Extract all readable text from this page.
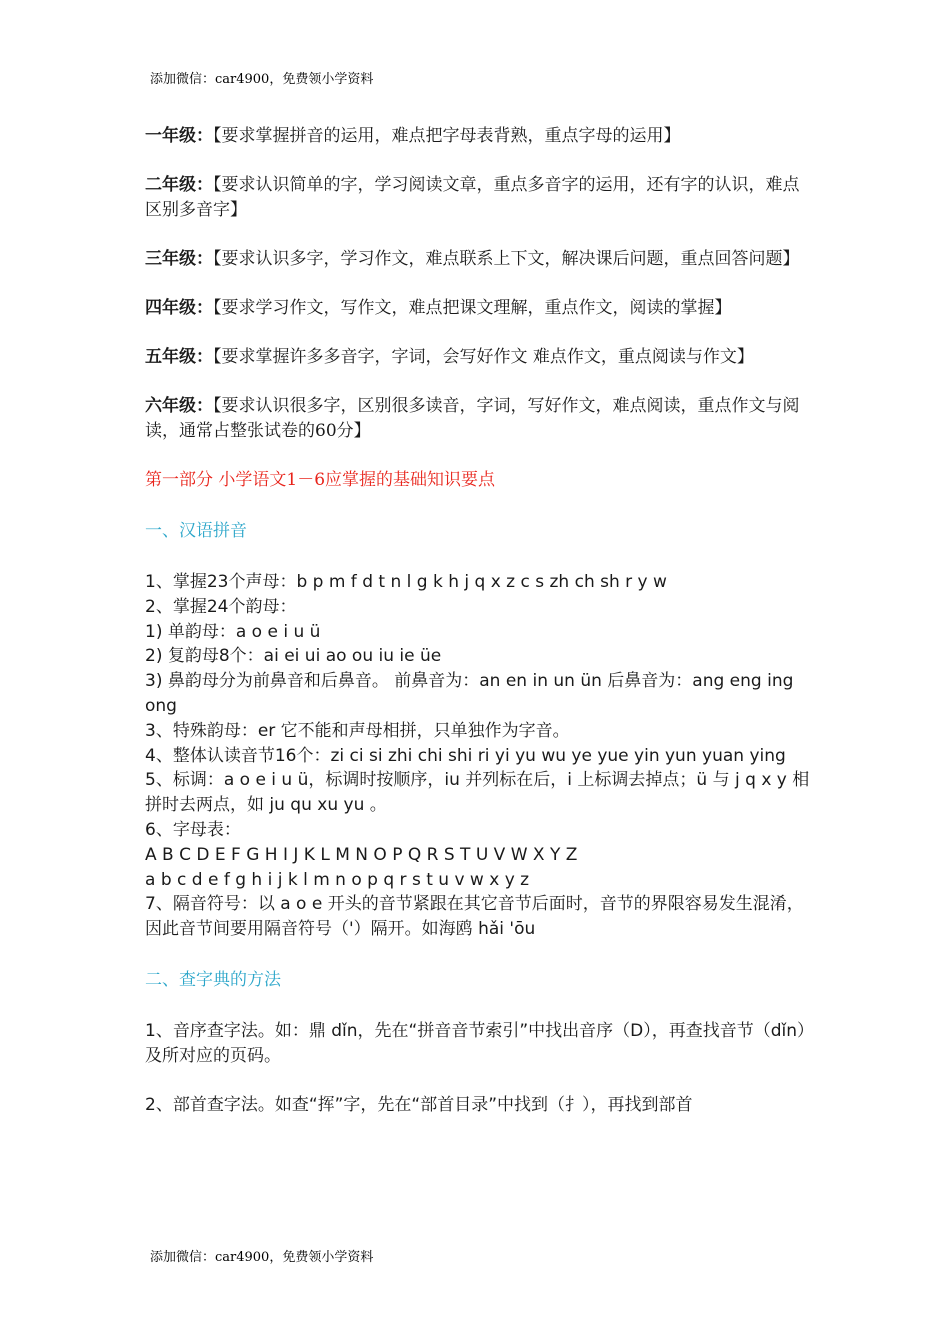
添加微信：car4900，免费领小学资料
一年级：【要求掌握拼音的运用，难点把字母表背熟，重点字母的运用】
二年级：【要求认识简单的字，学习阅读文章，重点多音字的运用，还有字的认识，难点区别多音字】
三年级：【要求认识多字，学习作文，难点联系上下文，解决课后问题，重点回答问题】
四年级：【要求学习作文，写作文，难点把课文理解，重点作文，阅读的掌握】
五年级：【要求掌握许多多音字，字词，会写好作文 难点作文，重点阅读与作文】
六年级：【要求认识很多字，区别很多读音，字词，写好作文，难点阅读，重点作文与阅读，通常占整张试卷的60分】
第一部分 小学语文1－6应掌握的基础知识要点
一、汉语拼音
1、掌握23个声母：b p m f d t n l g k h j q x z c s zh ch sh r y w
2、掌握24个韵母：
1) 单韵母：a o e i u ü
2) 复韵母8个：ai ei ui ao ou iu ie üe
3) 鼻韵母分为前鼻音和后鼻音。 前鼻音为：an en in un ün 后鼻音为：ang eng ing ong
3、特殊韵母：er 它不能和声母相拼，只单独作为字音。
4、整体认读音节16个：zi ci si zhi chi shi ri yi yu wu ye yue yin yun yuan ying
5、标调：a o e i u ü，标调时按顺序，iu 并列标在后，i 上标调去掉点；ü 与 j q x y 相拼时去两点，如 ju qu xu yu 。
6、字母表：
A B C D E F G H I J K L M N O P Q R S T U V W X Y Z
a b c d e f g h i j k l m n o p q r s t u v w x y z
7、隔音符号：以 a o e 开头的音节紧跟在其它音节后面时，音节的界限容易发生混淆，因此音节间要用隔音符号（'）隔开。如海鸥 hǎi 'ōu
二、查字典的方法
1、音序查字法。如：鼎 dǐn，先在“拼音音节索引”中找出音序（D），再查找音节（dǐn）及所对应的页码。
2、部首查字法。如查“挥”字，先在“部首目录”中找到（扌），再找到部首
添加微信：car4900，免费领小学资料
